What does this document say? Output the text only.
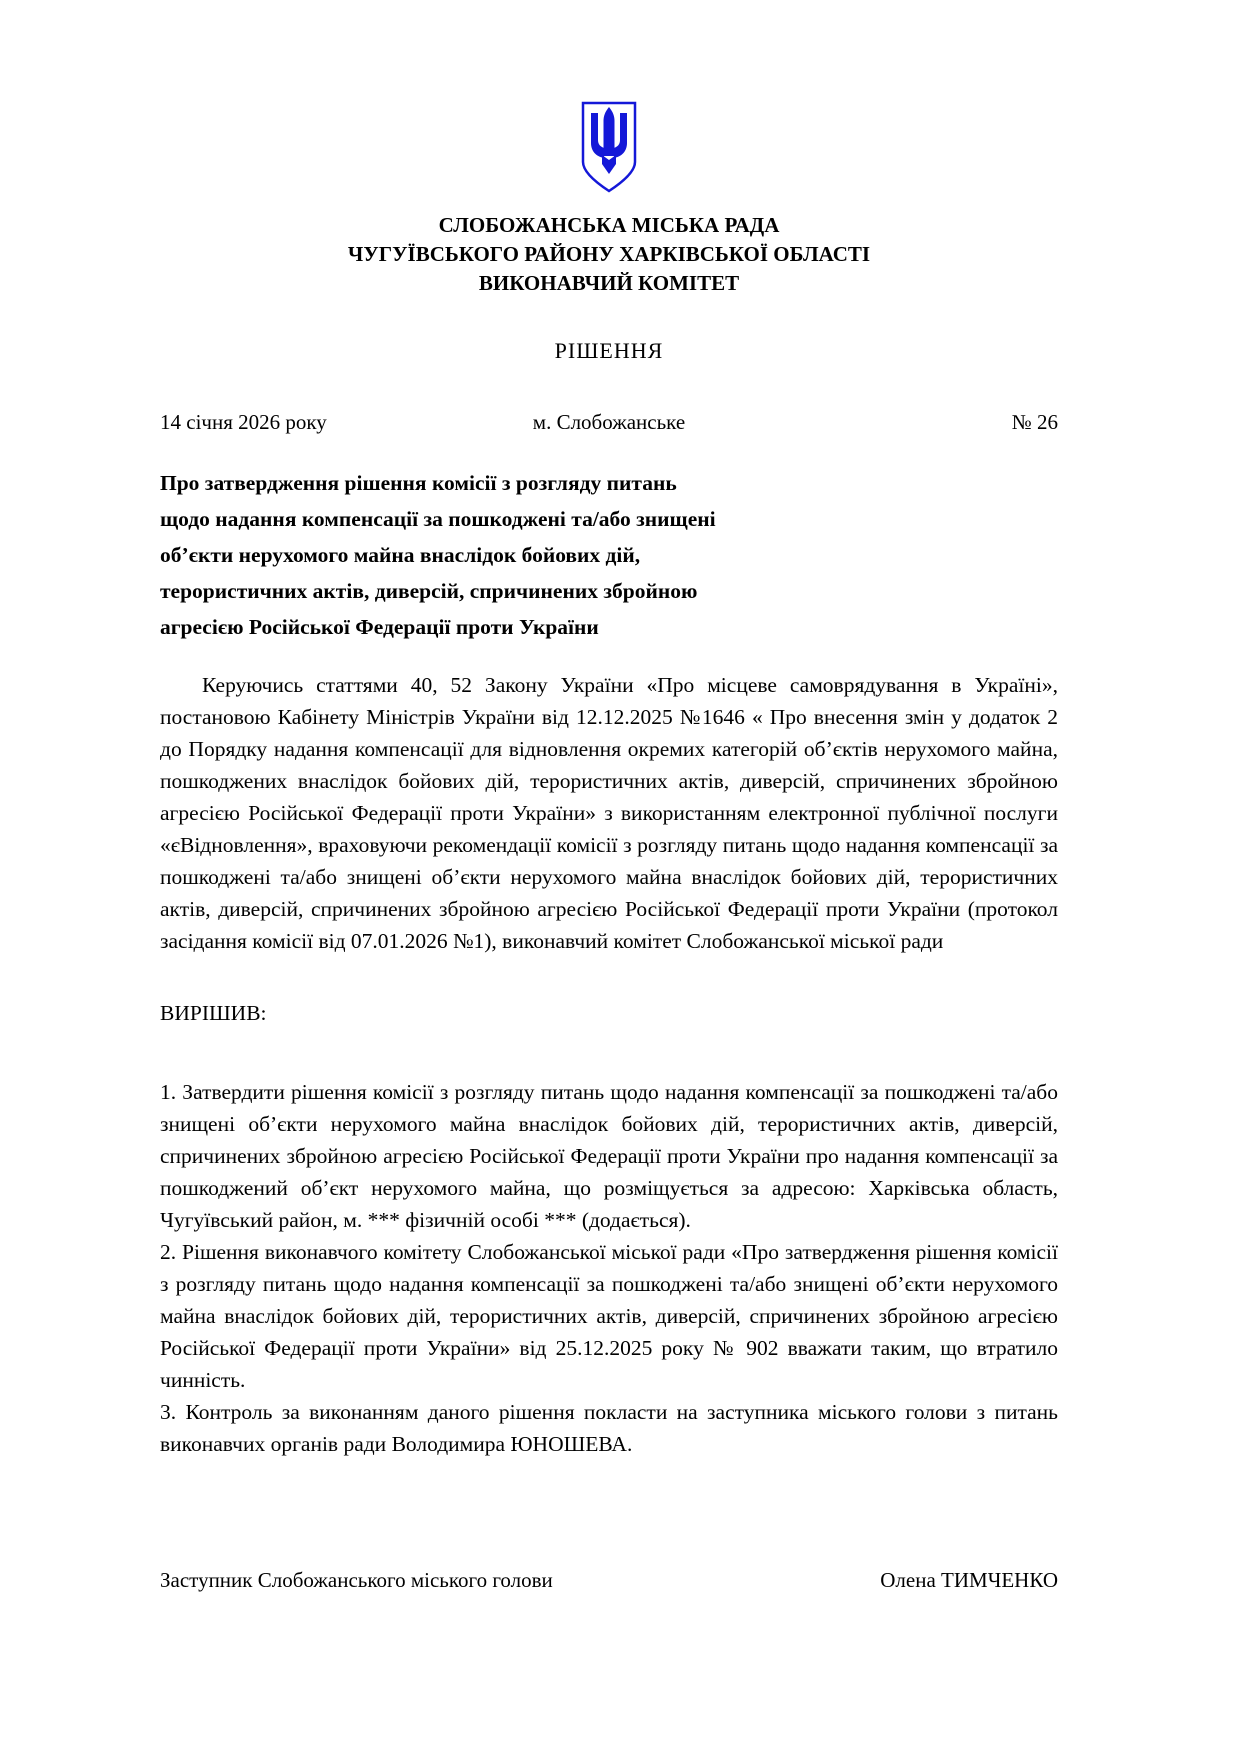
СЛОБОЖАНСЬКА МІСЬКА РАДА
ЧУГУЇВСЬКОГО РАЙОНУ ХАРКІВСЬКОЇ ОБЛАСТІ
ВИКОНАВЧИЙ КОМІТЕТ
РІШЕННЯ
14 січня 2026 року	м. Слобожанське	№ 26
Про затвердження рішення комісії з розгляду питань
щодо надання компенсації за пошкоджені та/або знищені
об’єкти нерухомого майна внаслідок бойових дій,
терористичних актів, диверсій, спричинених збройною
агресією Російської Федерації проти України

Керуючись статтями 40, 52 Закону України «Про місцеве самоврядування в Україні», постановою Кабінету Міністрів України від 12.12.2025 №1646 « Про внесення змін у додаток 2 до Порядку надання компенсації для відновлення окремих категорій об’єктів нерухомого майна, пошкоджених внаслідок бойових дій, терористичних актів, диверсій, спричинених збройною агресією Російської Федерації проти України» з використанням електронної публічної послуги «єВідновлення», враховуючи рекомендації комісії з розгляду питань щодо надання компенсації за пошкоджені та/або знищені об’єкти нерухомого майна внаслідок бойових дій, терористичних актів, диверсій, спричинених збройною агресією Російської Федерації проти України (протокол засідання комісії від 07.01.2026 №1), виконавчий комітет Слобожанської міської ради

ВИРІШИВ:

1. Затвердити рішення комісії з розгляду питань щодо надання компенсації за пошкоджені та/або знищені об’єкти нерухомого майна внаслідок бойових дій, терористичних актів, диверсій, спричинених збройною агресією Російської Федерації проти України про надання компенсації за пошкоджений об’єкт нерухомого майна, що розміщується за адресою: Харківська область, Чугуївський район, м. *** фізичній особі *** (додається).

2. Рішення виконавчого комітету Слобожанської міської ради «Про затвердження рішення комісії з розгляду питань щодо надання компенсації за пошкоджені та/або знищені об’єкти нерухомого майна внаслідок бойових дій, терористичних актів, диверсій, спричинених збройною агресією Російської Федерації проти України» від 25.12.2025 року № 902 вважати таким, що втратило чинність.

3. Контроль за виконанням даного рішення покласти на заступника міського голови з питань виконавчих органів ради Володимира ЮНОШЕВА.

Заступник Слобожанського міського голови	Олена ТИМЧЕНКО
